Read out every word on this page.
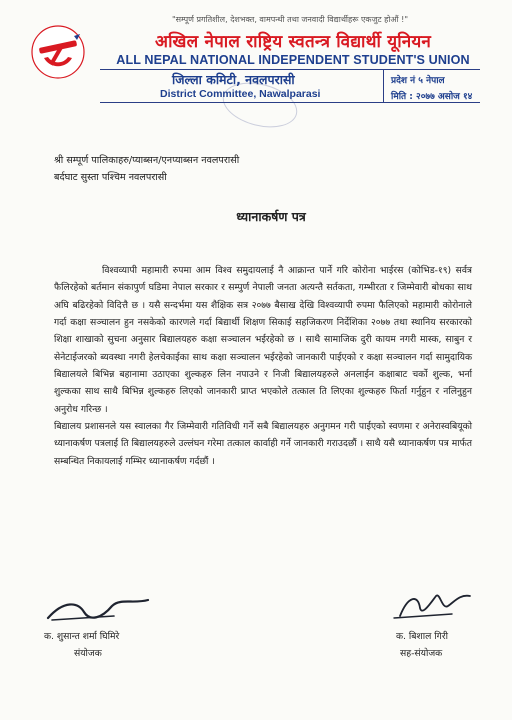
"सम्पूर्ण प्रगतिशील, देशभक्त, वामपन्थी तथा जनवादी विद्यार्थीहरू एकजुट होऔं !"
अखिल नेपाल राष्ट्रिय स्वतन्त्र विद्यार्थी यूनियन
ALL NEPAL NATIONAL INDEPENDENT STUDENT'S UNION
जिल्ला कमिटी, नवलपरासी
District Committee, Nawalparasi
प्रदेश नं ५ नेपाल
मिति : २०७७ असोज १४
श्री सम्पूर्ण पालिकाहरु/प्याब्सन/एनप्याब्सन नवलपरासी
बर्दघाट सुस्ता पश्चिम नवलपरासी
ध्यानाकर्षण पत्र

विश्वव्यापी महामारी रुपमा आम विश्व समुदायलाई नै आक्रान्त पार्ने गरि कोरोना भाईरस (कोभिड-१९) सर्वत्र फैलिरहेको बर्तमान संकापुर्ण घडिमा नेपाल सरकार र सम्पुर्ण नेपाली जनता अत्यन्तै सर्तकता, गम्भीरता र जिम्मेवारी बोधका साथ अघि बढिरहेको विदित्तै छ । यसै सन्दर्भमा यस शैक्षिक सत्र २०७७ बैसाख देखि विश्वव्यापी रुपमा फैलिएको महामारी कोरोनाले गर्दा कक्षा सञ्चालन हुन नसकेको कारणले गर्दा बिद्यार्थी शिक्षण सिकाई सहजिकरण निर्देशिका २०७७ तथा स्थानिय सरकारको शिक्षा शाखाको सुचना अनुसार बिद्यालयहरु कक्षा सञ्चालन भईरहेको छ । साथै सामाजिक दुरी कायम नगरी मास्क, साबुन र सेनेटाईजरको ब्यवस्था नगरी हेलचेकाईका साथ कक्षा सञ्चालन भईरहेको जानकारी पाईएको र कक्षा सञ्चालन गर्दा सामुदायिक बिद्यालयले बिभिन्न बहानामा उठाएका शुल्कहरु लिन नपाउने र निजी बिद्यालयहरुले अनलाईन कक्षाबाट चर्को शुल्क, भर्ना शुल्कका साथ साथै बिभिन्न शुल्कहरु लिएको जानकारी प्राप्त भएकोले तत्काल ति लिएका शुल्कहरु फिर्ता गर्नुहुन र नलिनुहुन अनुरोध गरिन्छ ।

बिद्यालय प्रशासनले यस स्वालका गैर जिम्मेवारी गतिविधी गर्ने सबै बिद्यालयहरु अनुगमन गरी पाईएको स्वणमा र अनेरास्वबियूको ध्यानाकर्षण पत्रलाई ति बिद्यालयहरुले उल्लंघन गरेमा तत्काल कार्वाही गर्ने जानकारी गराउदछौं । साथै यसै ध्यानाकर्षण पत्र मार्फत सम्बन्धित निकायलाई गम्भिर ध्यानाकर्षण गर्दछौं ।

क. शुसान्त शर्मा घिमिरे
संयोजक
क. बिशाल गिरी
सह-संयोजक
